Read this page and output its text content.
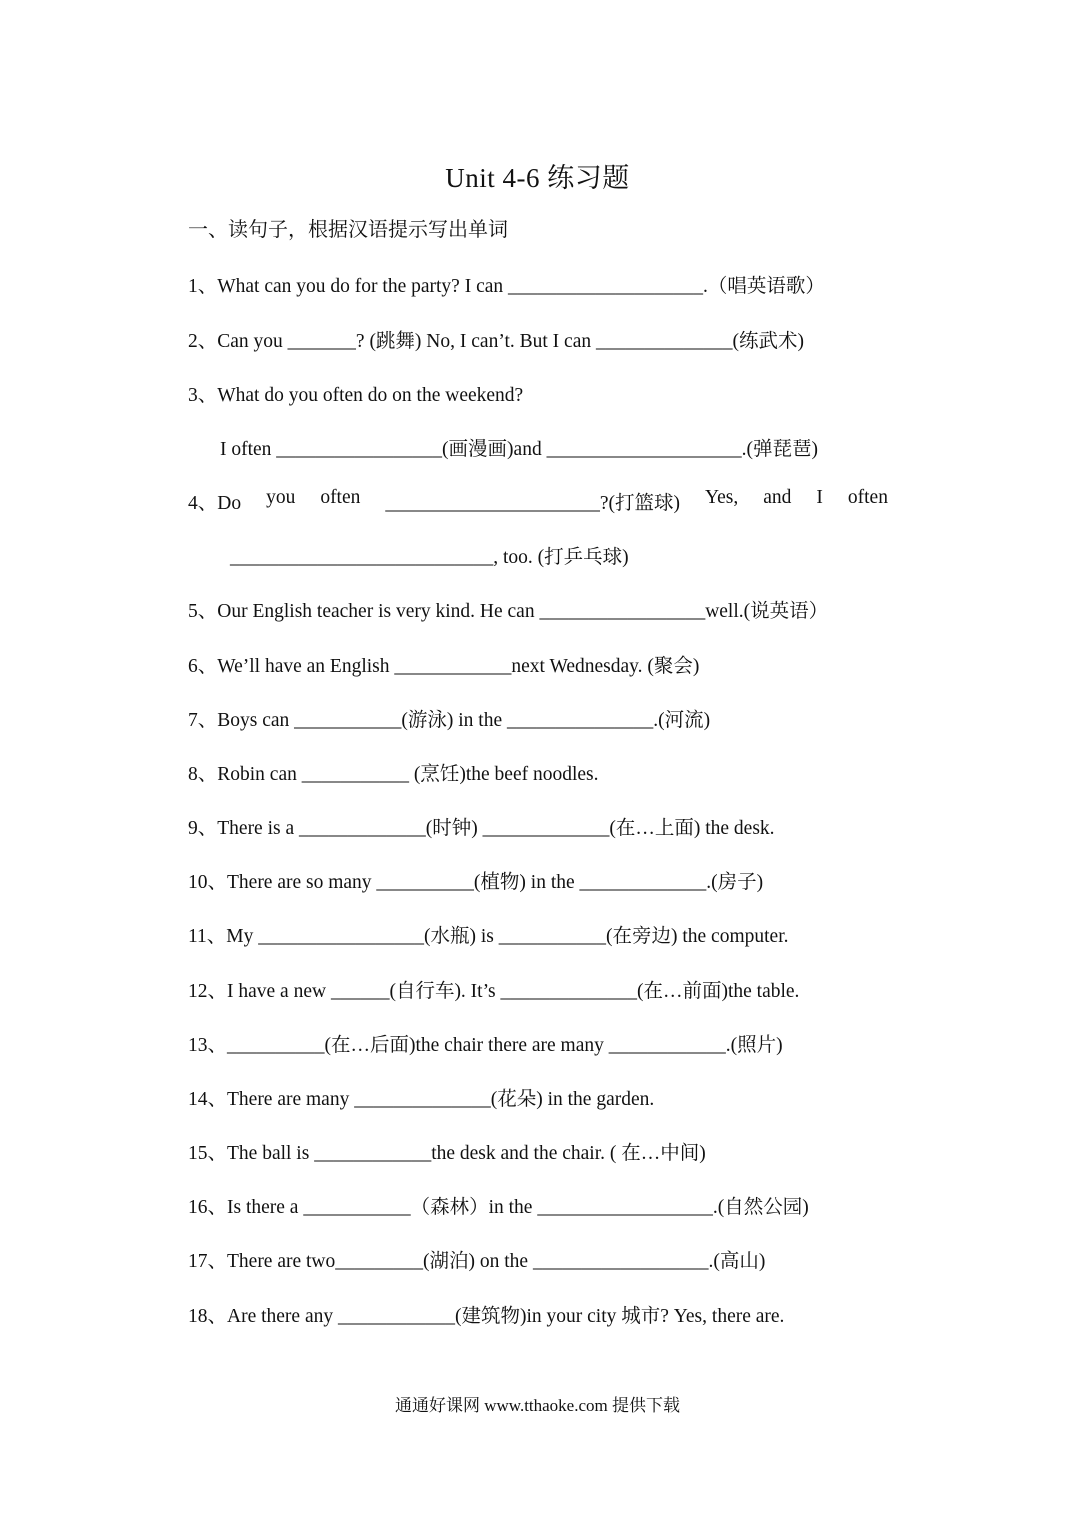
Unit 4-6 练习题
一、读句子，根据汉语提示写出单词
1、What can you do for the party? I can ____________________.（唱英语歌）
2、Can you _______? (跳舞) No, I can’t. But I can ______________(练武术)
3、What do you often do on the weekend?
I often _________________(画漫画)and ____________________.(弹琵琶)
4、Do you often ______________________?(打篮球) Yes, and I often
___________________________, too. (打乒乓球)
5、Our English teacher is very kind. He can _________________well.(说英语）
6、We’ll have an English ____________next Wednesday. (聚会)
7、Boys can ___________(游泳) in the _______________.(河流)
8、Robin can ___________ (烹饪)the beef noodles.
9、There is a _____________(时钟) _____________(在…上面) the desk.
10、There are so many __________(植物) in the _____________.(房子)
11、My _________________(水瓶) is ___________(在旁边) the computer.
12、I have a new ______(自行车). It’s ______________(在…前面)the table.
13、__________(在…后面)the chair there are many ____________.(照片)
14、There are many ______________(花朵) in the garden.
15、The ball is ____________the desk and the chair. ( 在…中间)
16、Is there a ___________（森林）in the __________________.(自然公园)
17、There are two_________(湖泊) on the __________________.(高山)
18、Are there any ____________(建筑物)in your city 城市? Yes, there are.
通通好课网 www.tthaoke.com 提供下载
